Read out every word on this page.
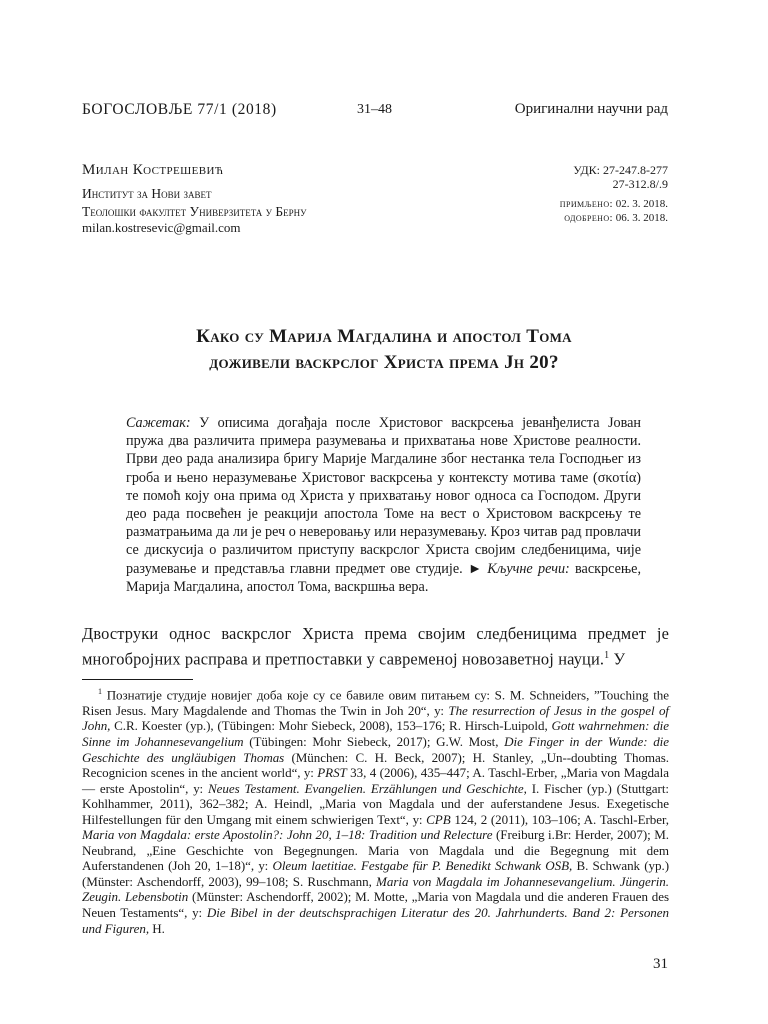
БОГОСЛОВЉЕ 77/1 (2018)	31–48	Оригинални научни рад
Милан Кострешевић
Институт за Нови завет
Теолошки факултет Универзитета у Берну
milan.kostresevic@gmail.com
УДК: 27-247.8-277
27-312.8/.9
примљено: 02. 3. 2018.
одобрено: 06. 3. 2018.
Како су Марија Магдалина и апостол Тома
доживели васкрслог Христа према Јн 20?
Сажетак: У описима догађаја после Христовог васкрсења јеванђелиста Јован пружа два различита примера разумевања и прихватања нове Христове реалности. Први део рада анализира бригу Марије Магдалине због нестанка тела Господњег из гроба и њено неразумевање Христовог васкрсења у контексту мотива таме (σκοτία) те помоћ коју она прима од Христа у прихватању новог односа са Господом. Други део рада посвећен је реакцији апостола Томе на вест о Христовом васкрсењу те разматрањима да ли је реч о неверовању или неразумевању. Кроз читав рад провлачи се дискусија о различитом приступу васкрслог Христа својим следбеницима, чије разумевање и представља главни предмет ове студије. ► Кључне речи: васкрсење, Марија Магдалина, апостол Тома, васкршња вера.
Двоструки однос васкрслог Христа према својим следбеницима предмет је многобројних расправа и претпоставки у савременој новозаветној науци.$^1$ У
$^1$ Познатије студије новијег доба које су се бавиле овим питањем су: S. M. Schneiders, ”Touching the Risen Jesus. Mary Magdalende and Thomas the Twin in Joh 20“, у: The resurrection of Jesus in the gospel of John, C.R. Koester (ур.), (Tübingen: Mohr Siebeck, 2008), 153–176; R. Hirsch-Luipold, Gott wahrnehmen: die Sinne im Johannesevangelium (Tübingen: Mohr Siebeck, 2017); G.W. Most, Die Finger in der Wunde: die Geschichte des ungläubigen Thomas (München: C. H. Beck, 2007); H. Stanley, „Un--doubting Thomas. Recognicion scenes in the ancient world“, у: PRST 33, 4 (2006), 435–447; A. Taschl-Erber, „Maria von Magdala — erste Apostolin“, у: Neues Testament. Evangelien. Erzählungen und Geschichte, I. Fischer (ур.) (Stuttgart: Kohlhammer, 2011), 362–382; A. Heindl, „Maria von Magdala und der auferstandene Jesus. Exegetische Hilfestellungen für den Umgang mit einem schwierigen Text“, у: CPB 124, 2 (2011), 103–106; A. Taschl-Erber, Maria von Magdala: erste Apostolin?: John 20, 1–18: Tradition und Relecture (Freiburg i.Br: Herder, 2007); M. Neubrand, „Eine Geschichte von Begegnungen. Maria von Magdala und die Begegnung mit dem Auferstandenen (Joh 20, 1–18)“, у: Oleum laetitiae. Festgabe für P. Benedikt Schwank OSB, B. Schwank (ур.) (Münster: Aschendorff, 2003), 99–108; S. Ruschmann, Maria von Magdala im Johannesevangelium. Jüngerin. Zeugin. Lebensbotin (Münster: Aschendorff, 2002); M. Motte, „Maria von Magdala und die anderen Frauen des Neuen Testaments“, у: Die Bibel in der deutschsprachigen Literatur des 20. Jahrhunderts. Band 2: Personen und Figuren, H.
31
